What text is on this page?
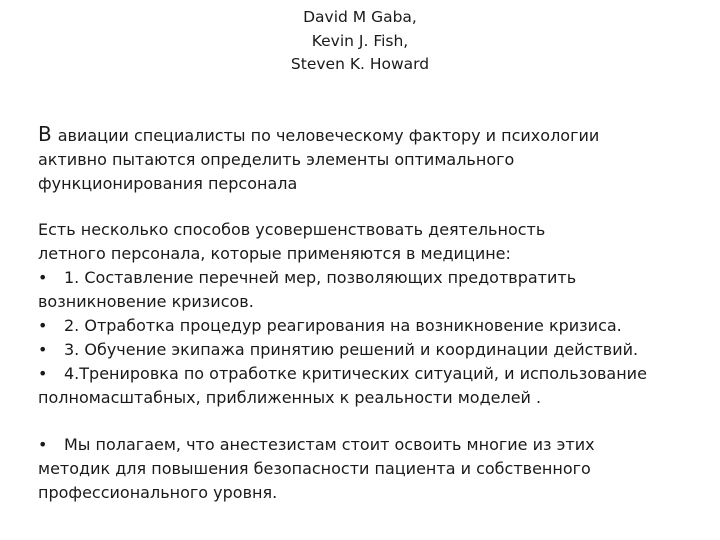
David M Gaba,
Kevin J. Fish,
Steven K. Howard
В авиации специалисты по человеческому фактору и психологии
активно пытаются определить элементы оптимального
функционирования персонала
Есть несколько способов усовершенствовать деятельность
летного персонала, которые применяются в медицине:
• 1. Составление перечней мер, позволяющих предотвратить
возникновение кризисов.
• 2. Отработка процедур реагирования на возникновение кризиса.
• 3. Обучение экипажа принятию решений и координации действий.
• 4.Тренировка по отработке критических ситуаций, и использование
полномасштабных, приближенных к реальности моделей .
• Мы полагаем, что анестезистам стоит освоить многие из этих
методик для повышения безопасности пациента и собственного
профессионального уровня.
